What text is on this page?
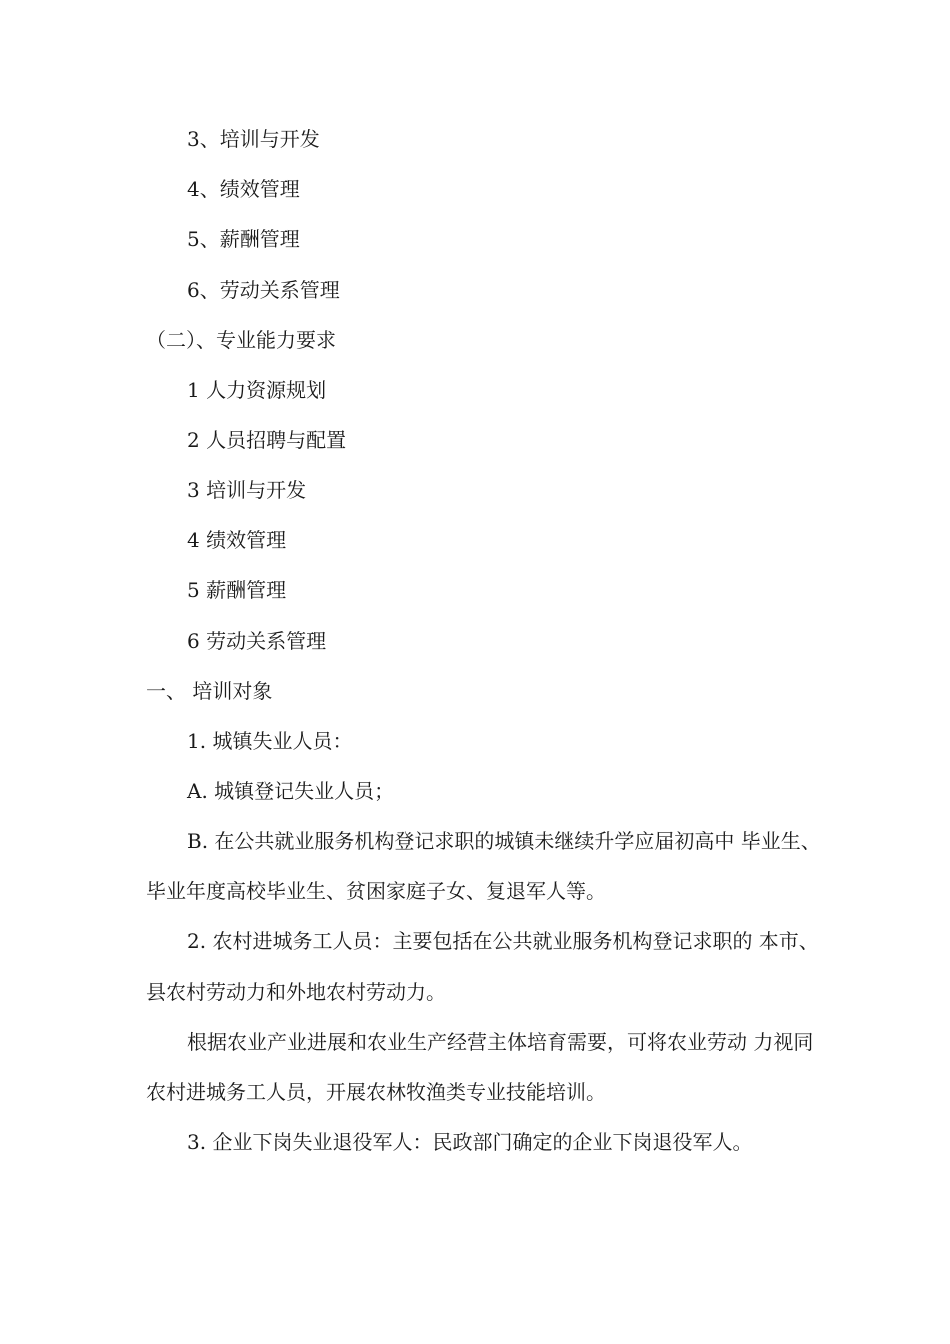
3、培训与开发
4、绩效管理
5、薪酬管理
6、劳动关系管理
（二）、专业能力要求
1 人力资源规划
2 人员招聘与配置
3 培训与开发
4 绩效管理
5 薪酬管理
6 劳动关系管理
一、 培训对象
1. 城镇失业人员：
A. 城镇登记失业人员；
B. 在公共就业服务机构登记求职的城镇未继续升学应届初高中 毕业生、
毕业年度高校毕业生、贫困家庭子女、复退军人等。
2. 农村进城务工人员：主要包括在公共就业服务机构登记求职的 本市、
县农村劳动力和外地农村劳动力。
根据农业产业进展和农业生产经营主体培育需要，可将农业劳动 力视同
农村进城务工人员，开展农林牧渔类专业技能培训。
3. 企业下岗失业退役军人：民政部门确定的企业下岗退役军人。
